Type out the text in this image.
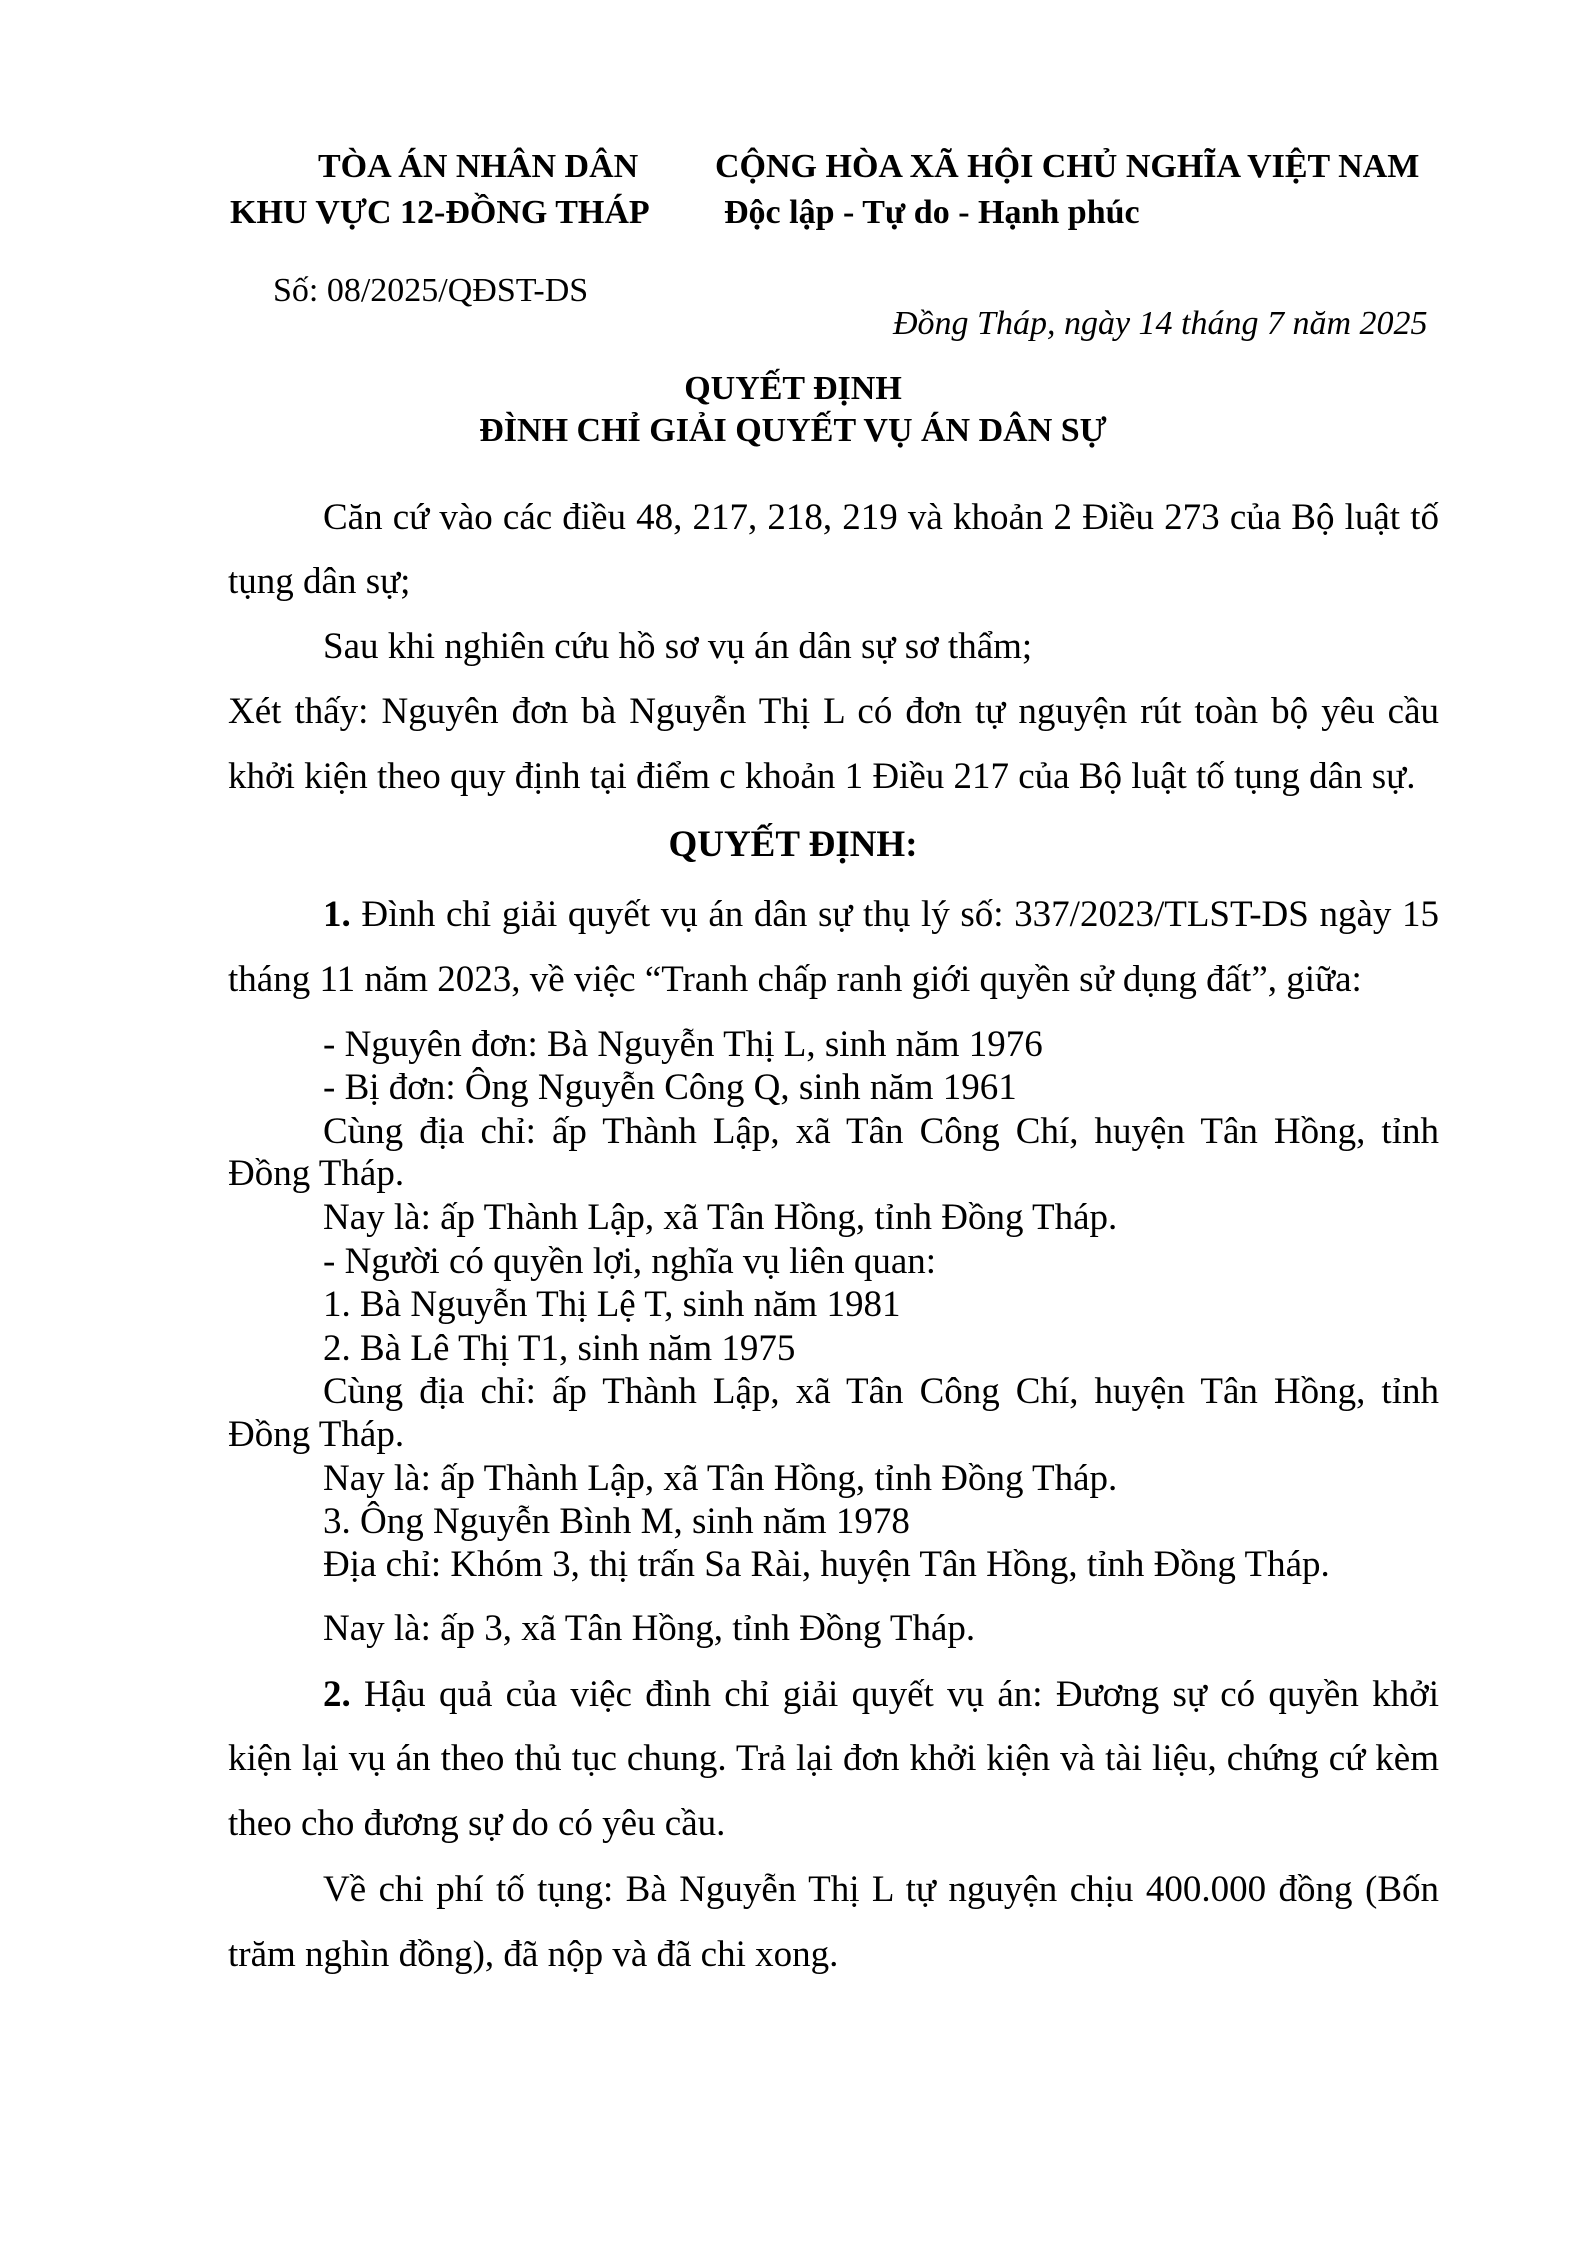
TÒA ÁN NHÂN DÂN CỘNG HÒA XÃ HỘI CHỦ NGHĨA VIỆT NAM
KHU VỰC 12-ĐỒNG THÁP Độc lập - Tự do - Hạnh phúc
Số: 08/2025/QĐST-DS
Đồng Tháp, ngày 14 tháng 7 năm 2025
QUYẾT ĐỊNH
ĐÌNH CHỈ GIẢI QUYẾT VỤ ÁN DÂN SỰ
Căn cứ vào các điều 48, 217, 218, 219 và khoản 2 Điều 273 của Bộ luật tố
tụng dân sự;
Sau khi nghiên cứu hồ sơ vụ án dân sự sơ thẩm;
Xét thấy: Nguyên đơn bà Nguyễn Thị L có đơn tự nguyện rút toàn bộ yêu cầu
khởi kiện theo quy định tại điểm c khoản 1 Điều 217 của Bộ luật tố tụng dân sự.
QUYẾT ĐỊNH:
1. Đình chỉ giải quyết vụ án dân sự thụ lý số: 337/2023/TLST-DS ngày 15
tháng 11 năm 2023, về việc “Tranh chấp ranh giới quyền sử dụng đất”, giữa:
- Nguyên đơn: Bà Nguyễn Thị L, sinh năm 1976
- Bị đơn: Ông Nguyễn Công Q, sinh năm 1961
Cùng địa chỉ: ấp Thành Lập, xã Tân Công Chí, huyện Tân Hồng, tỉnh
Đồng Tháp.
Nay là: ấp Thành Lập, xã Tân Hồng, tỉnh Đồng Tháp.
- Người có quyền lợi, nghĩa vụ liên quan:
1. Bà Nguyễn Thị Lệ T, sinh năm 1981
2. Bà Lê Thị T1, sinh năm 1975
Cùng địa chỉ: ấp Thành Lập, xã Tân Công Chí, huyện Tân Hồng, tỉnh
Đồng Tháp.
Nay là: ấp Thành Lập, xã Tân Hồng, tỉnh Đồng Tháp.
3. Ông Nguyễn Bình M, sinh năm 1978
Địa chỉ: Khóm 3, thị trấn Sa Rài, huyện Tân Hồng, tỉnh Đồng Tháp.
Nay là: ấp 3, xã Tân Hồng, tỉnh Đồng Tháp.
2. Hậu quả của việc đình chỉ giải quyết vụ án: Đương sự có quyền khởi
kiện lại vụ án theo thủ tục chung. Trả lại đơn khởi kiện và tài liệu, chứng cứ kèm
theo cho đương sự do có yêu cầu.
Về chi phí tố tụng: Bà Nguyễn Thị L tự nguyện chịu 400.000 đồng (Bốn
trăm nghìn đồng), đã nộp và đã chi xong.
